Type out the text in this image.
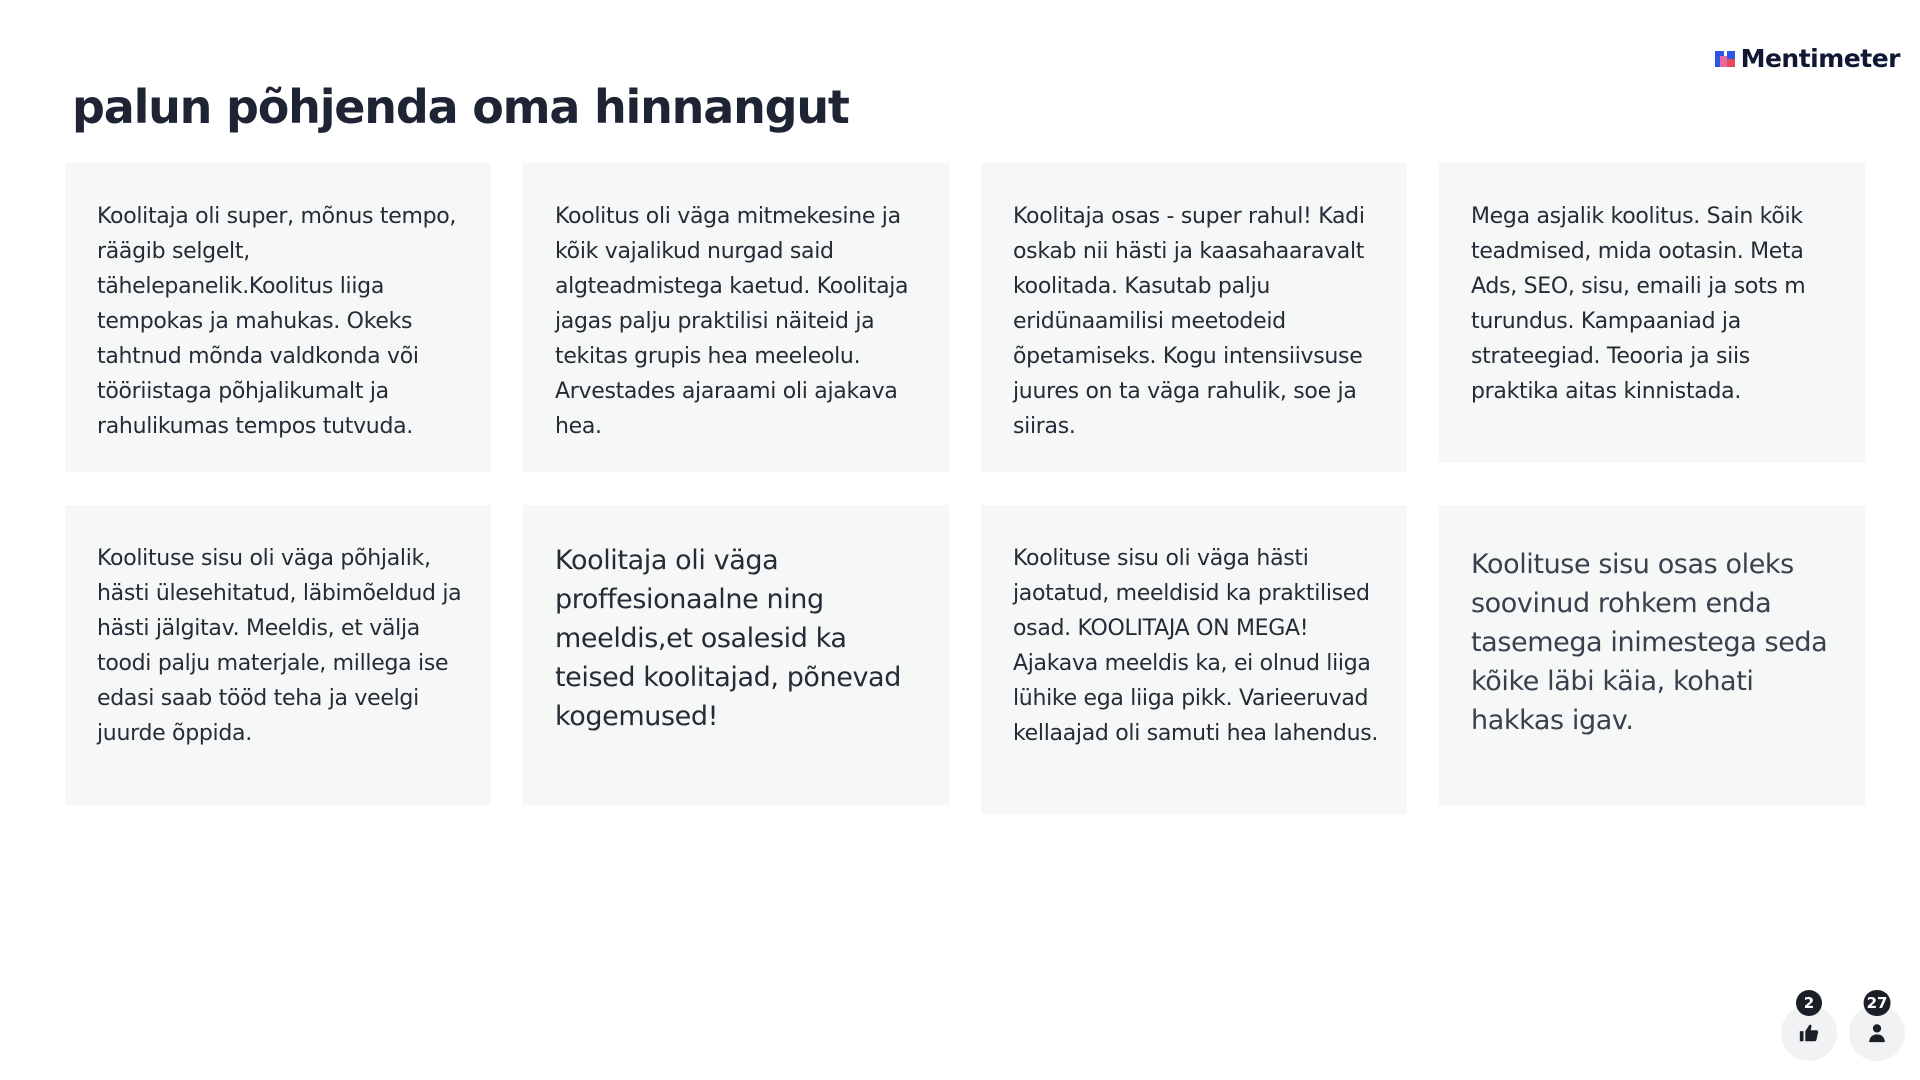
Mentimeter
palun põhjenda oma hinnangut
Koolitaja oli super, mõnus tempo, räägib selgelt, tähelepanelik.Koolitus liiga tempokas ja mahukas. Okeks tahtnud mõnda valdkonda või tööriistaga põhjalikumalt ja rahulikumas tempos tutvuda.
Koolitus oli väga mitmekesine ja kõik vajalikud nurgad said algteadmistega kaetud. Koolitaja jagas palju praktilisi näiteid ja tekitas grupis hea meeleolu. Arvestades ajaraami oli ajakava hea.
Koolitaja osas - super rahul! Kadi oskab nii hästi ja kaasahaaravalt koolitada. Kasutab palju eridünaamilisi meetodeid õpetamiseks. Kogu intensiivsuse juures on ta väga rahulik, soe ja siiras.
Mega asjalik koolitus. Sain kõik teadmised, mida ootasin. Meta Ads, SEO, sisu, emaili ja sots m turundus. Kampaaniad ja strateegiad. Teooria ja siis praktika aitas kinnistada.
Koolituse sisu oli väga põhjalik, hästi ülesehitatud, läbimõeldud ja hästi jälgitav. Meeldis, et välja toodi palju materjale, millega ise edasi saab tööd teha ja veelgi juurde õppida.
Koolitaja oli väga proffesionaalne ning meeldis,et osalesid ka teised koolitajad, põnevad kogemused!
Koolituse sisu oli väga hästi jaotatud, meeldisid ka praktilised osad. KOOLITAJA ON MEGA! Ajakava meeldis ka, ei olnud liiga lühike ega liiga pikk. Varieeruvad kellaajad oli samuti hea lahendus.
Koolituse sisu osas oleks soovinud rohkem enda tasemega inimestega seda kõike läbi käia, kohati hakkas igav.
2	27
